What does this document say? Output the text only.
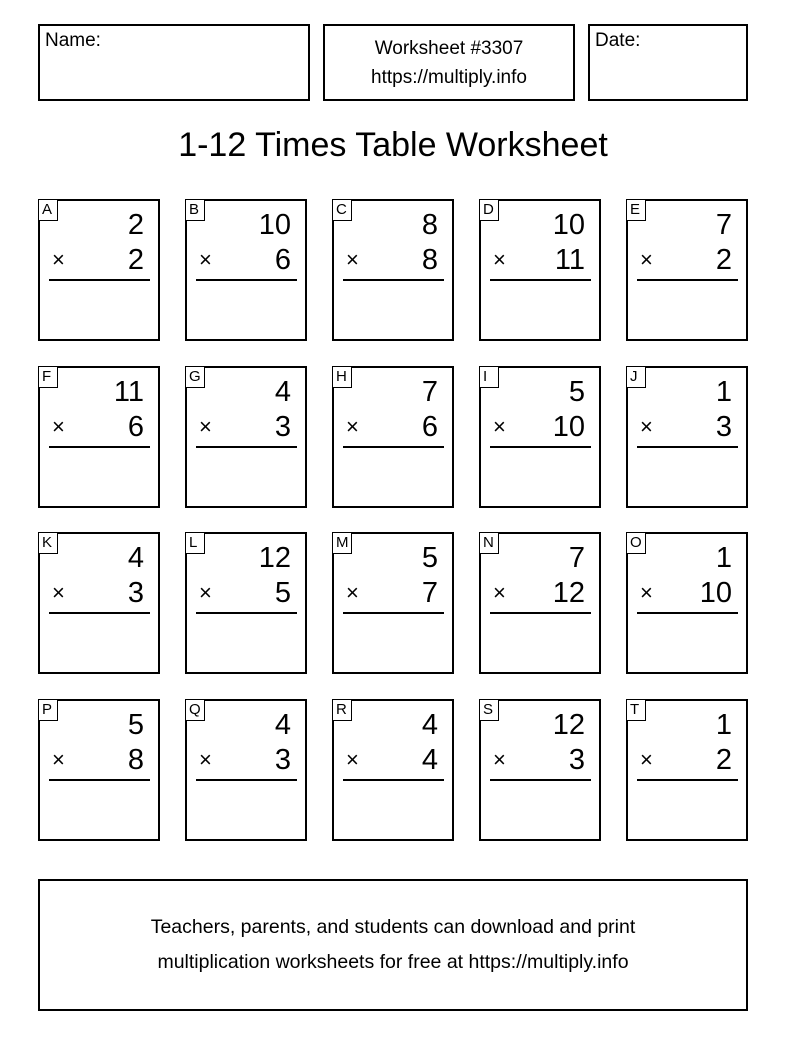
Name:	Worksheet #3307
https://multiply.info
Date:
1-12 Times Table Worksheet
A	2
× 2
B 10
× 6
C	8
× 8
D 10
× 11
E	7
× 2
F 11
× 6
G	4
× 3
H	7
× 6
I	5
× 10
J	1
× 3
K	4
× 3
L 12
× 5
M	5
× 7
N	7
× 12
O	1
× 10
P	5
× 8
Q	4
× 3
R	4
× 4
S 12
× 3
T	1
× 2
Teachers, parents, and students can download and print
multiplication worksheets for free at https://multiply.info
